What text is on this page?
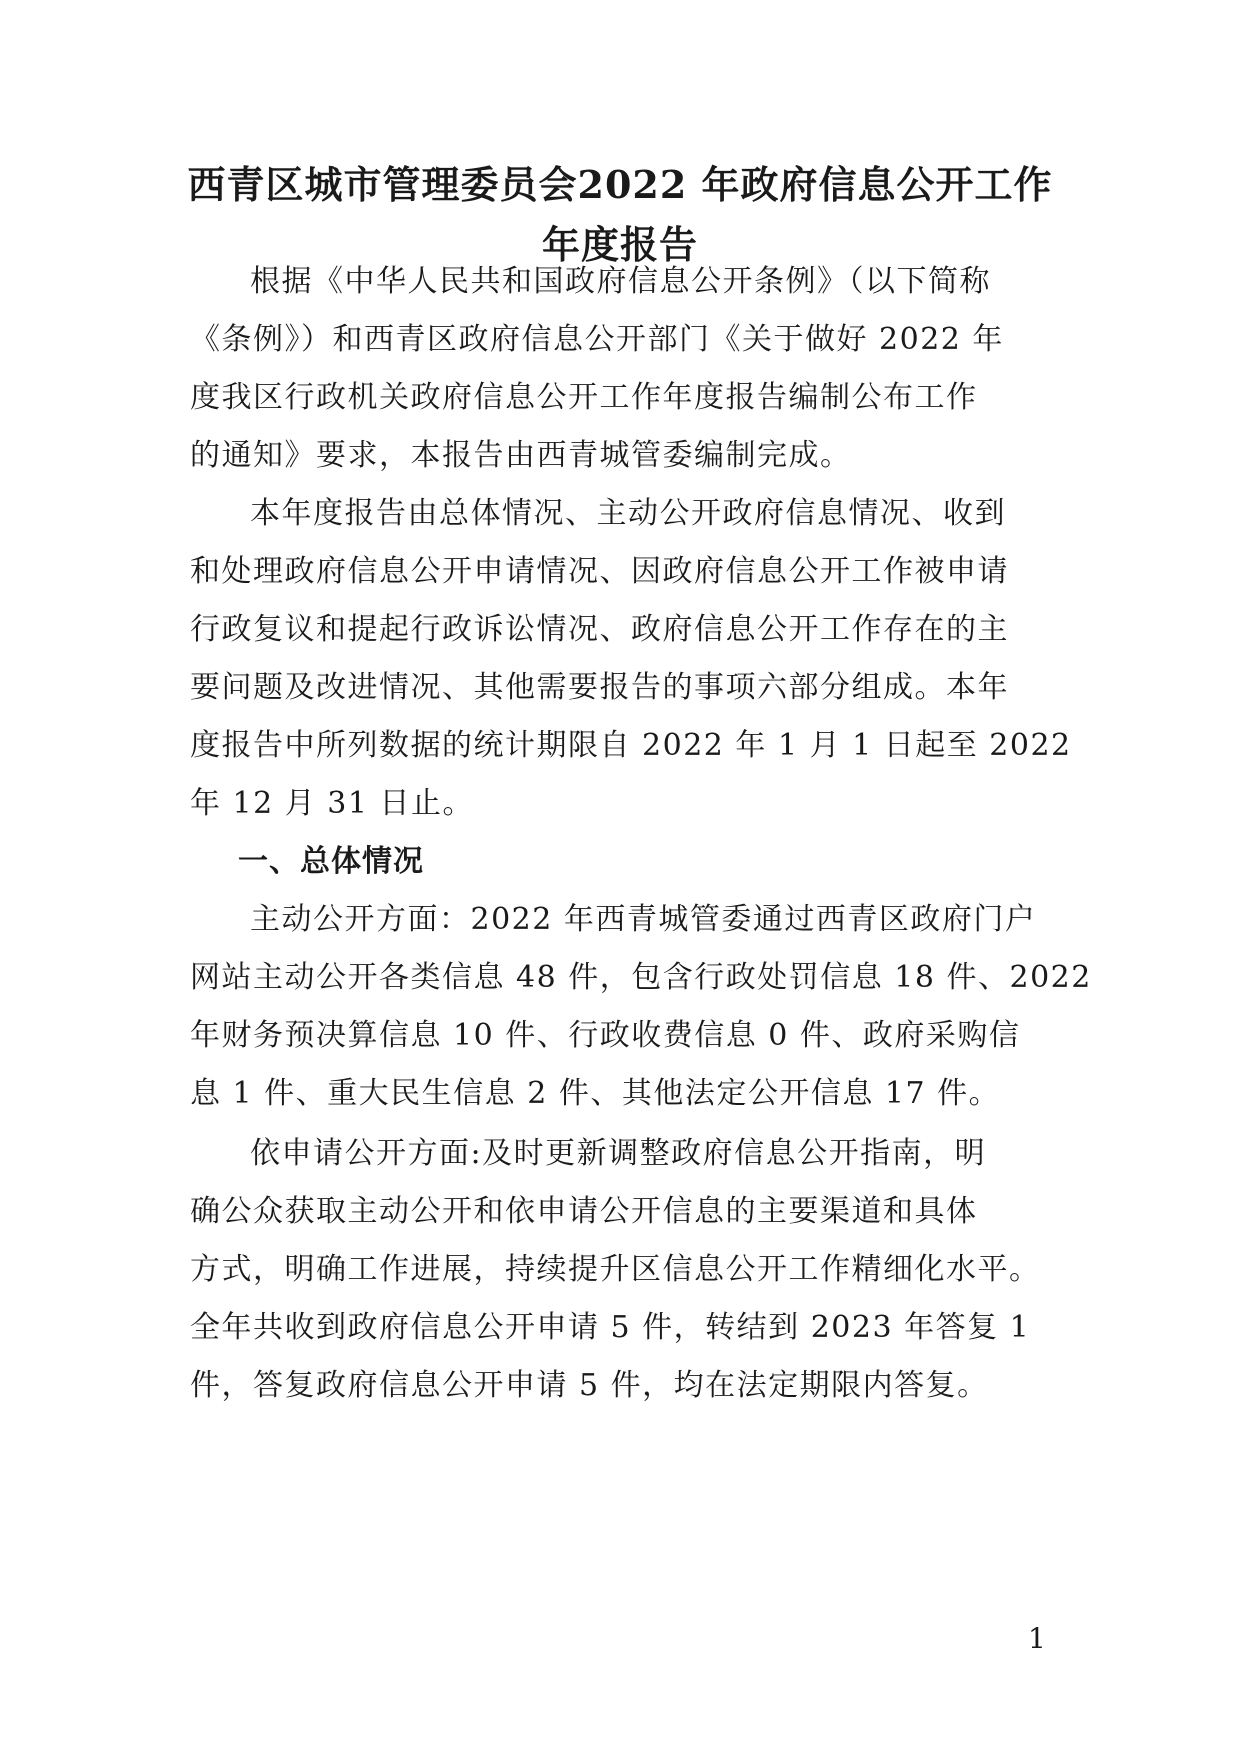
西青区城市管理委员会2022 年政府信息公开工作
年度报告
根据《中华人民共和国政府信息公开条例》（以下简称
《条例》）和西青区政府信息公开部门《关于做好 2022 年
度我区行政机关政府信息公开工作年度报告编制公布工作
的通知》要求，本报告由西青城管委编制完成。
本年度报告由总体情况、主动公开政府信息情况、收到
和处理政府信息公开申请情况、因政府信息公开工作被申请
行政复议和提起行政诉讼情况、政府信息公开工作存在的主
要问题及改进情况、其他需要报告的事项六部分组成。本年
度报告中所列数据的统计期限自 2022 年 1 月 1 日起至 2022
年 12 月 31 日止。
一、总体情况
主动公开方面：2022 年西青城管委通过西青区政府门户
网站主动公开各类信息 48 件，包含行政处罚信息 18 件、2022
年财务预决算信息 10 件、行政收费信息 0 件、政府采购信
息 1 件、重大民生信息 2 件、其他法定公开信息 17 件。
依申请公开方面:及时更新调整政府信息公开指南，明
确公众获取主动公开和依申请公开信息的主要渠道和具体
方式，明确工作进展，持续提升区信息公开工作精细化水平。
全年共收到政府信息公开申请 5 件，转结到 2023 年答复 1
件，答复政府信息公开申请 5 件，均在法定期限内答复。
1
